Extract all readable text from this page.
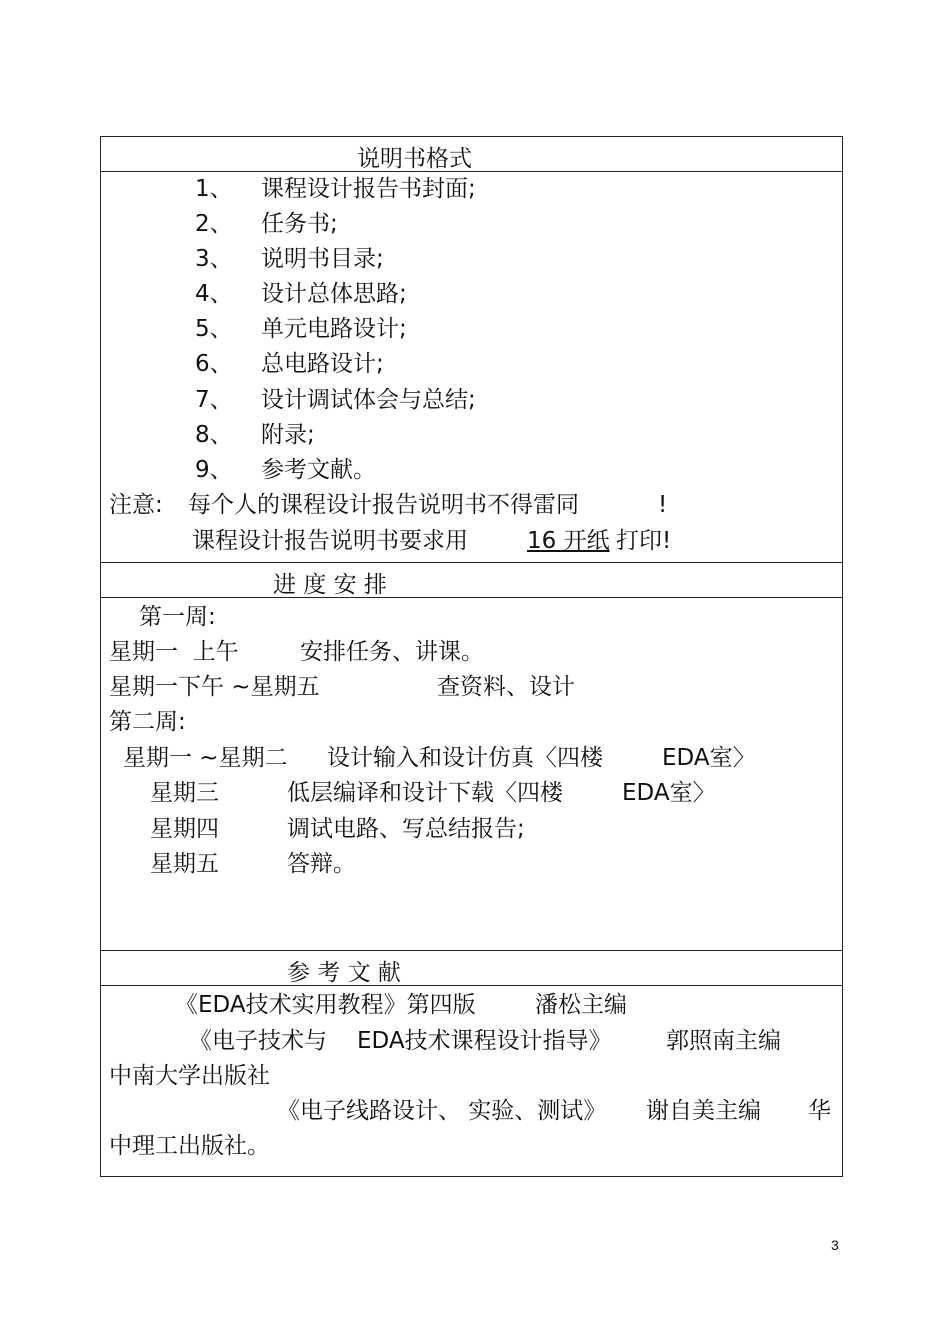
说明书格式

1、 课程设计报告书封面;
2、 任务书;
3、 说明书目录;
4、 设计总体思路;
5、 单元电路设计;
6、 总电路设计;
7、 设计调试体会与总结;
8、 附录;
9、 参考文献。
注意: 每个人的课程设计报告说明书不得雷同	!
课程设计报告说明书要求用	16 开纸 打印!

进 度 安 排

第一周:
星期一  上午	安排任务、讲课。
星期一下午 ~星期五	查资料、设计
第二周:
星期一 ~星期二 设计输入和设计仿真〈四楼	EDA室〉
星期三	低层编译和设计下载〈四楼	EDA室〉
星期四	调试电路、写总结报告;
星期五	答辩。

参 考 文 献

《EDA技术实用教程》第四版	潘松主编
《电子技术与 EDA技术课程设计指导》 郭照南主编
中南大学出版社
《电子线路设计、 实验、测试》 谢自美主编 华
中理工出版社。
3
